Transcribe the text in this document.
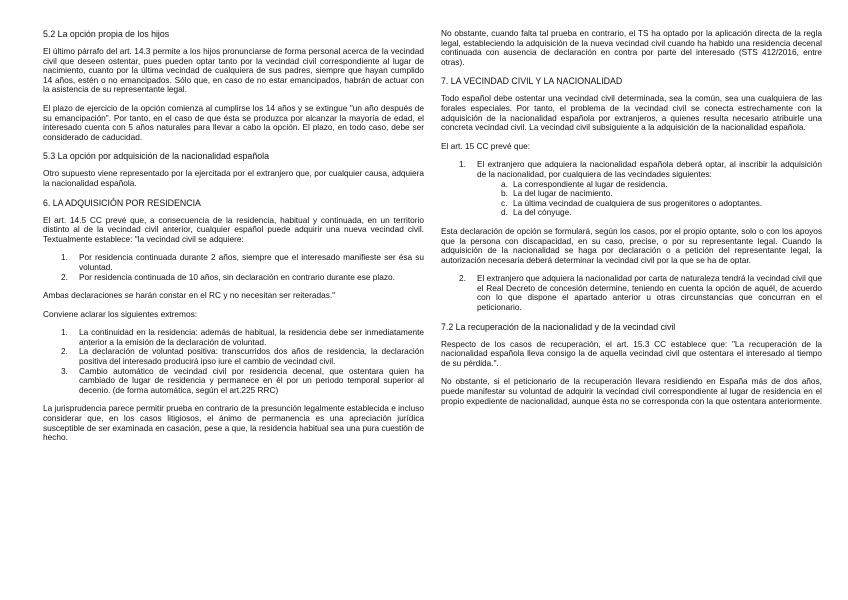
5.2 La opción propia de los hijos

El último párrafo del art. 14.3 permite a los hijos pronunciarse de forma personal acerca de la vecindad civil que deseen ostentar, pues pueden optar tanto por la vecindad civil correspondiente al lugar de nacimiento, cuanto por la última vecindad de cualquiera de sus padres, siempre que hayan cumplido 14 años, estén o no emancipados. Sólo que, en caso de no estar emancipados, habrán de actuar con la asistencia de su representante legal.

El plazo de ejercicio de la opción comienza al cumplirse los 14 años y se extingue "un año después de su emancipación". Por tanto, en el caso de que ésta se produzca por alcanzar la mayoría de edad, el interesado cuenta con 5 años naturales para llevar a cabo la opción. El plazo, en todo caso, debe ser considerado de caducidad.

5.3 La opción por adquisición de la nacionalidad española

Otro supuesto viene representado por la ejercitada por el extranjero que, por cualquier causa, adquiera la nacionalidad española.

6. LA ADQUISICIÓN POR RESIDENCIA

El art. 14.5 CC prevé que, a consecuencia de la residencia, habitual y continuada, en un territorio distinto al de la vecindad civil anterior, cualquier español puede adquirir una nueva vecindad civil. Textualmente establece: "la vecindad civil se adquiere:

1. Por residencia continuada durante 2 años, siempre que el interesado manifieste ser ésa su voluntad.
2. Por residencia continuada de 10 años, sin declaración en contrario durante ese plazo.

Ambas declaraciones se harán constar en el RC y no necesitan ser reiteradas."

Conviene aclarar los siguientes extremos:

1. La continuidad en la residencia: además de habitual, la residencia debe ser inmediatamente anterior a la emisión de la declaración de voluntad.
2. La declaración de voluntad positiva: transcurridos dos años de residencia, la declaración positiva del interesado producirá ipso iure el cambio de vecindad civil.
3. Cambio automático de vecindad civil por residencia decenal, que ostentara quien ha cambiado de lugar de residencia y permanece en él por un periodo temporal superior al decenio. (de forma automática, según el art.225 RRC)

La jurisprudencia parece permitir prueba en contrario de la presunción legalmente establecida e incluso considerar que, en los casos litigiosos, el ánimo de permanencia es una apreciación jurídica susceptible de ser examinada en casación, pese a que, la residencia habitual sea una pura cuestión de hecho.

No obstante, cuando falta tal prueba en contrario, el TS ha optado por la aplicación directa de la regla legal, estableciendo la adquisición de la nueva vecindad civil cuando ha habido una residencia decenal continuada con ausencia de declaración en contra por parte del interesado (STS 412/2016, entre otras).

7. LA VECINDAD CIVIL Y LA NACIONALIDAD

Todo español debe ostentar una vecindad civil determinada, sea la común, sea una cualquiera de las forales especiales. Por tanto, el problema de la vecindad civil se conecta estrechamente con la adquisición de la nacionalidad española por extranjeros, a quienes resulta necesario atribuirle una concreta vecindad civil. La vecindad civil subsiguiente a la adquisición de la nacionalidad española.

El art. 15 CC prevé que:

1. El extranjero que adquiera la nacionalidad española deberá optar, al inscribir la adquisición de la nacionalidad, por cualquiera de las vecindades siguientes:
a. La correspondiente al lugar de residencia.
b. La del lugar de nacimiento.
c. La última vecindad de cualquiera de sus progenitores o adoptantes.
d. La del cónyuge.

Esta declaración de opción se formulará, según los casos, por el propio optante, solo o con los apoyos que la persona con discapacidad, en su caso, precise, o por su representante legal. Cuando la adquisición de la nacionalidad se haga por declaración o a petición del representante legal, la autorización necesaria deberá determinar la vecindad civil por la que se ha de optar.

2. El extranjero que adquiera la nacionalidad por carta de naturaleza tendrá la vecindad civil que el Real Decreto de concesión determine, teniendo en cuenta la opción de aquél, de acuerdo con lo que dispone el apartado anterior u otras circunstancias que concurran en el peticionario.
7.2 La recuperación de la nacionalidad y de la vecindad civil

Respecto de los casos de recuperación, el art. 15.3 CC establece que: "La recuperación de la nacionalidad española lleva consigo la de aquella vecindad civil que ostentara el interesado al tiempo de su pérdida.".

No obstante, si el peticionario de la recuperación llevara residiendo en España más de dos años, puede manifestar su voluntad de adquirir la vecindad civil correspondiente al lugar de residencia en el propio expediente de nacionalidad, aunque ésta no se corresponda con la que ostentara anteriormente.
